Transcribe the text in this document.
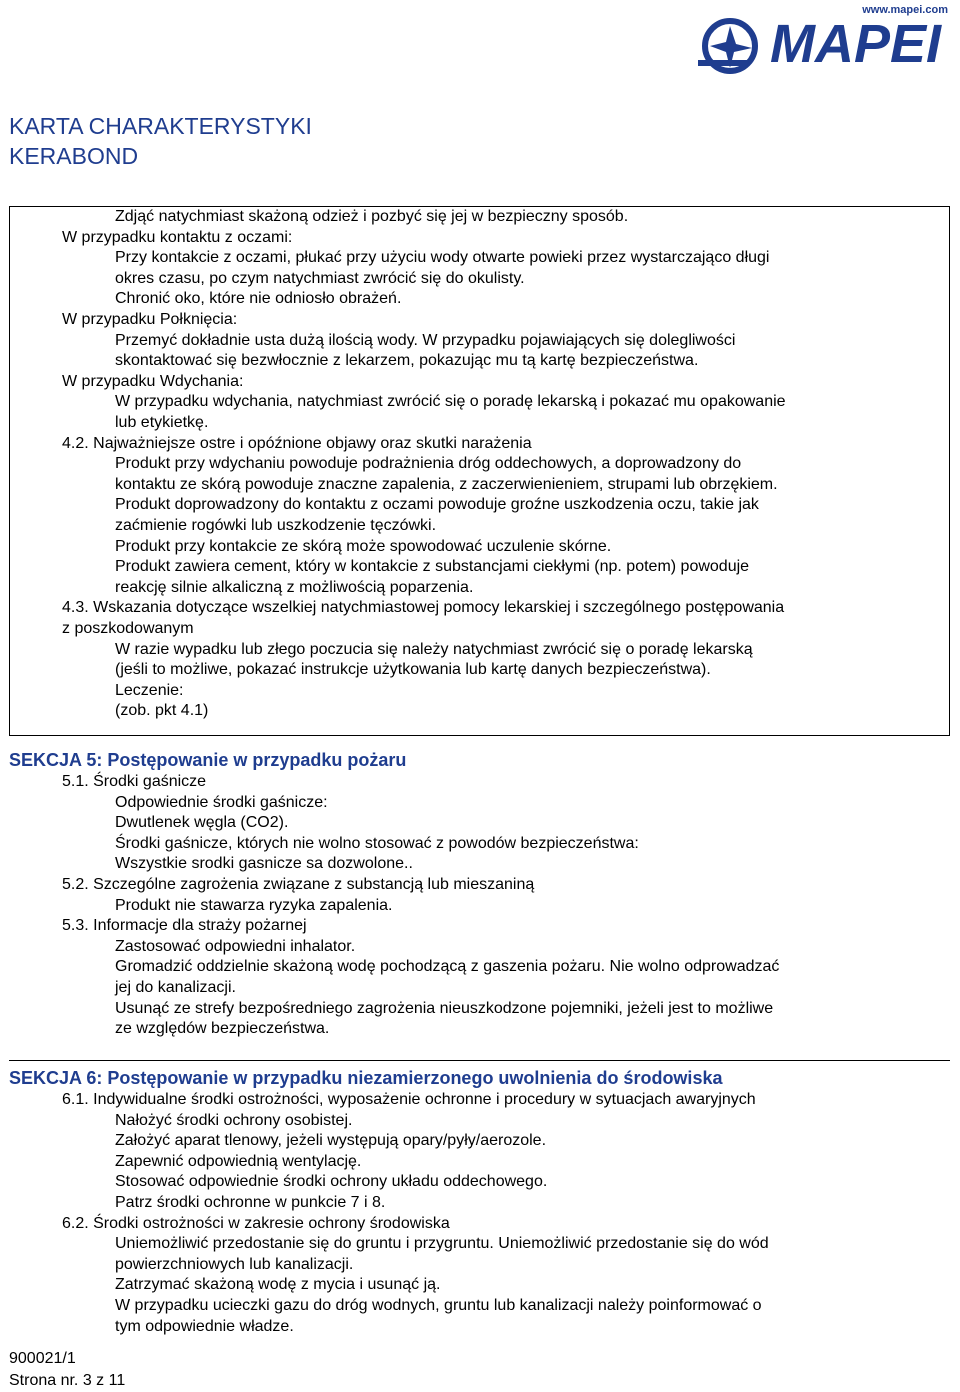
www.mapei.com
MAPEI
KARTA CHARAKTERYSTYKI
KERABOND
Zdjąć natychmiast skażoną odzież i pozbyć się jej w bezpieczny sposób.
W przypadku kontaktu z oczami:
Przy kontakcie z oczami, płukać przy użyciu wody otwarte powieki przez wystarczająco długi
okres czasu, po czym natychmiast zwrócić się do okulisty.
Chronić oko, które nie odniosło obrażeń.
W przypadku Połknięcia:
Przemyć dokładnie usta dużą ilością wody. W przypadku pojawiających się dolegliwości
skontaktować się bezwłocznie z lekarzem, pokazując mu tą kartę bezpieczeństwa.
W przypadku Wdychania:
W przypadku wdychania, natychmiast zwrócić się o poradę lekarską i pokazać mu opakowanie
lub etykietkę.
4.2. Najważniejsze ostre i opóźnione objawy oraz skutki narażenia
Produkt przy wdychaniu powoduje podrażnienia dróg oddechowych, a doprowadzony do
kontaktu ze skórą powoduje znaczne zapalenia, z zaczerwienieniem, strupami lub obrzękiem.
Produkt doprowadzony do kontaktu z oczami powoduje groźne uszkodzenia oczu, takie jak
zaćmienie rogówki lub uszkodzenie tęczówki.
Produkt przy kontakcie ze skórą może spowodować uczulenie skórne.
Produkt zawiera cement, który w kontakcie z substancjami ciekłymi (np. potem) powoduje
reakcję silnie alkaliczną z możliwością poparzenia.
4.3. Wskazania dotyczące wszelkiej natychmiastowej pomocy lekarskiej i szczególnego postępowania
z poszkodowanym
W razie wypadku lub złego poczucia się należy natychmiast zwrócić się o poradę lekarską
(jeśli to możliwe, pokazać instrukcje użytkowania lub kartę danych bezpieczeństwa).
Leczenie:
(zob. pkt 4.1)
SEKCJA 5: Postępowanie w przypadku pożaru
5.1. Środki gaśnicze
Odpowiednie środki gaśnicze:
Dwutlenek węgla (CO2).
Środki gaśnicze, których nie wolno stosować z powodów bezpieczeństwa:
Wszystkie srodki gasnicze sa dozwolone..
5.2. Szczególne zagrożenia związane z substancją lub mieszaniną
Produkt nie stawarza ryzyka zapalenia.
5.3. Informacje dla straży pożarnej
Zastosować odpowiedni inhalator.
Gromadzić oddzielnie skażoną wodę pochodzącą z gaszenia pożaru. Nie wolno odprowadzać
jej do kanalizacji.
Usunąć ze strefy bezpośredniego zagrożenia nieuszkodzone pojemniki, jeżeli jest to możliwe
ze względów bezpieczeństwa.
SEKCJA 6: Postępowanie w przypadku niezamierzonego uwolnienia do środowiska
6.1. Indywidualne środki ostrożności, wyposażenie ochronne i procedury w sytuacjach awaryjnych
Nałożyć środki ochrony osobistej.
Założyć aparat tlenowy, jeżeli występują opary/pyły/aerozole.
Zapewnić odpowiednią wentylację.
Stosować odpowiednie środki ochrony układu oddechowego.
Patrz środki ochronne w punkcie 7 i 8.
6.2. Środki ostrożności w zakresie ochrony środowiska
Uniemożliwić przedostanie się do gruntu i przygruntu. Uniemożliwić przedostanie się do wód
powierzchniowych lub kanalizacji.
Zatrzymać skażoną wodę z mycia i usunąć ją.
W przypadku ucieczki gazu do dróg wodnych, gruntu lub kanalizacji należy poinformować o
tym odpowiednie władze.
900021/1
Strona nr. 3 z 11
